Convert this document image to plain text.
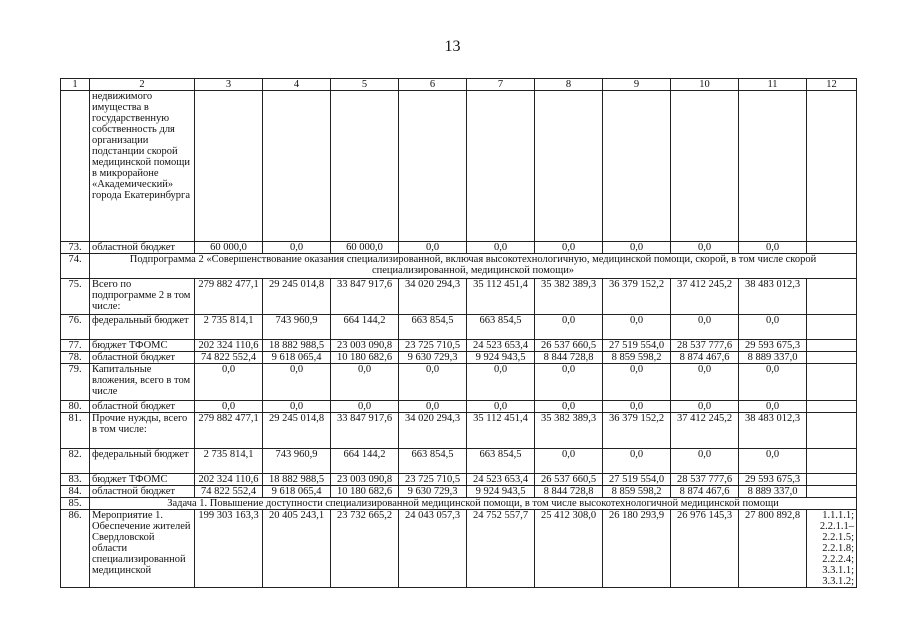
13
1	2	3	4	5	6	7	8	9	10	11	12
	недвижимого имущества в государственную собственность для организации подстанции скорой медицинской помощи в микрорайоне «Академический» города Екатеринбурга										
73.	областной бюджет	60 000,0	0,0	60 000,0	0,0	0,0	0,0	0,0	0,0	0,0	
74.	Подпрограмма 2 «Совершенствование оказания специализированной, включая высокотехнологичную, медицинской помощи, скорой, в том числе скорой специализированной, медицинской помощи»										
75.	Всего по подпрограмме 2 в том числе:	279 882 477,1	29 245 014,8	33 847 917,6	34 020 294,3	35 112 451,4	35 382 389,3	36 379 152,2	37 412 245,2	38 483 012,3	
76.	федеральный бюджет	2 735 814,1	743 960,9	664 144,2	663 854,5	663 854,5	0,0	0,0	0,0	0,0	
77.	бюджет ТФОМС	202 324 110,6	18 882 988,5	23 003 090,8	23 725 710,5	24 523 653,4	26 537 660,5	27 519 554,0	28 537 777,6	29 593 675,3	
78.	областной бюджет	74 822 552,4	9 618 065,4	10 180 682,6	9 630 729,3	9 924 943,5	8 844 728,8	8 859 598,2	8 874 467,6	8 889 337,0	
79.	Капитальные вложения, всего в том числе	0,0	0,0	0,0	0,0	0,0	0,0	0,0	0,0	0,0	
80.	областной бюджет	0,0	0,0	0,0	0,0	0,0	0,0	0,0	0,0	0,0	
81.	Прочие нужды, всего в том числе:	279 882 477,1	29 245 014,8	33 847 917,6	34 020 294,3	35 112 451,4	35 382 389,3	36 379 152,2	37 412 245,2	38 483 012,3	
82.	федеральный бюджет	2 735 814,1	743 960,9	664 144,2	663 854,5	663 854,5	0,0	0,0	0,0	0,0	
83.	бюджет ТФОМС	202 324 110,6	18 882 988,5	23 003 090,8	23 725 710,5	24 523 653,4	26 537 660,5	27 519 554,0	28 537 777,6	29 593 675,3	
84.	областной бюджет	74 822 552,4	9 618 065,4	10 180 682,6	9 630 729,3	9 924 943,5	8 844 728,8	8 859 598,2	8 874 467,6	8 889 337,0	
85.	Задача 1. Повышение доступности специализированной медицинской помощи, в том числе высокотехнологичной медицинской помощи										
86.	Мероприятие 1. Обеспечение жителей Свердловской области специализированной медицинской	199 303 163,3	20 405 243,1	23 732 665,2	24 043 057,3	24 752 557,7	25 412 308,0	26 180 293,9	26 976 145,3	27 800 892,8	1.1.1.1; 2.2.1.1– 2.2.1.5; 2.2.1.8; 2.2.2.4; 3.3.1.1; 3.3.1.2;
